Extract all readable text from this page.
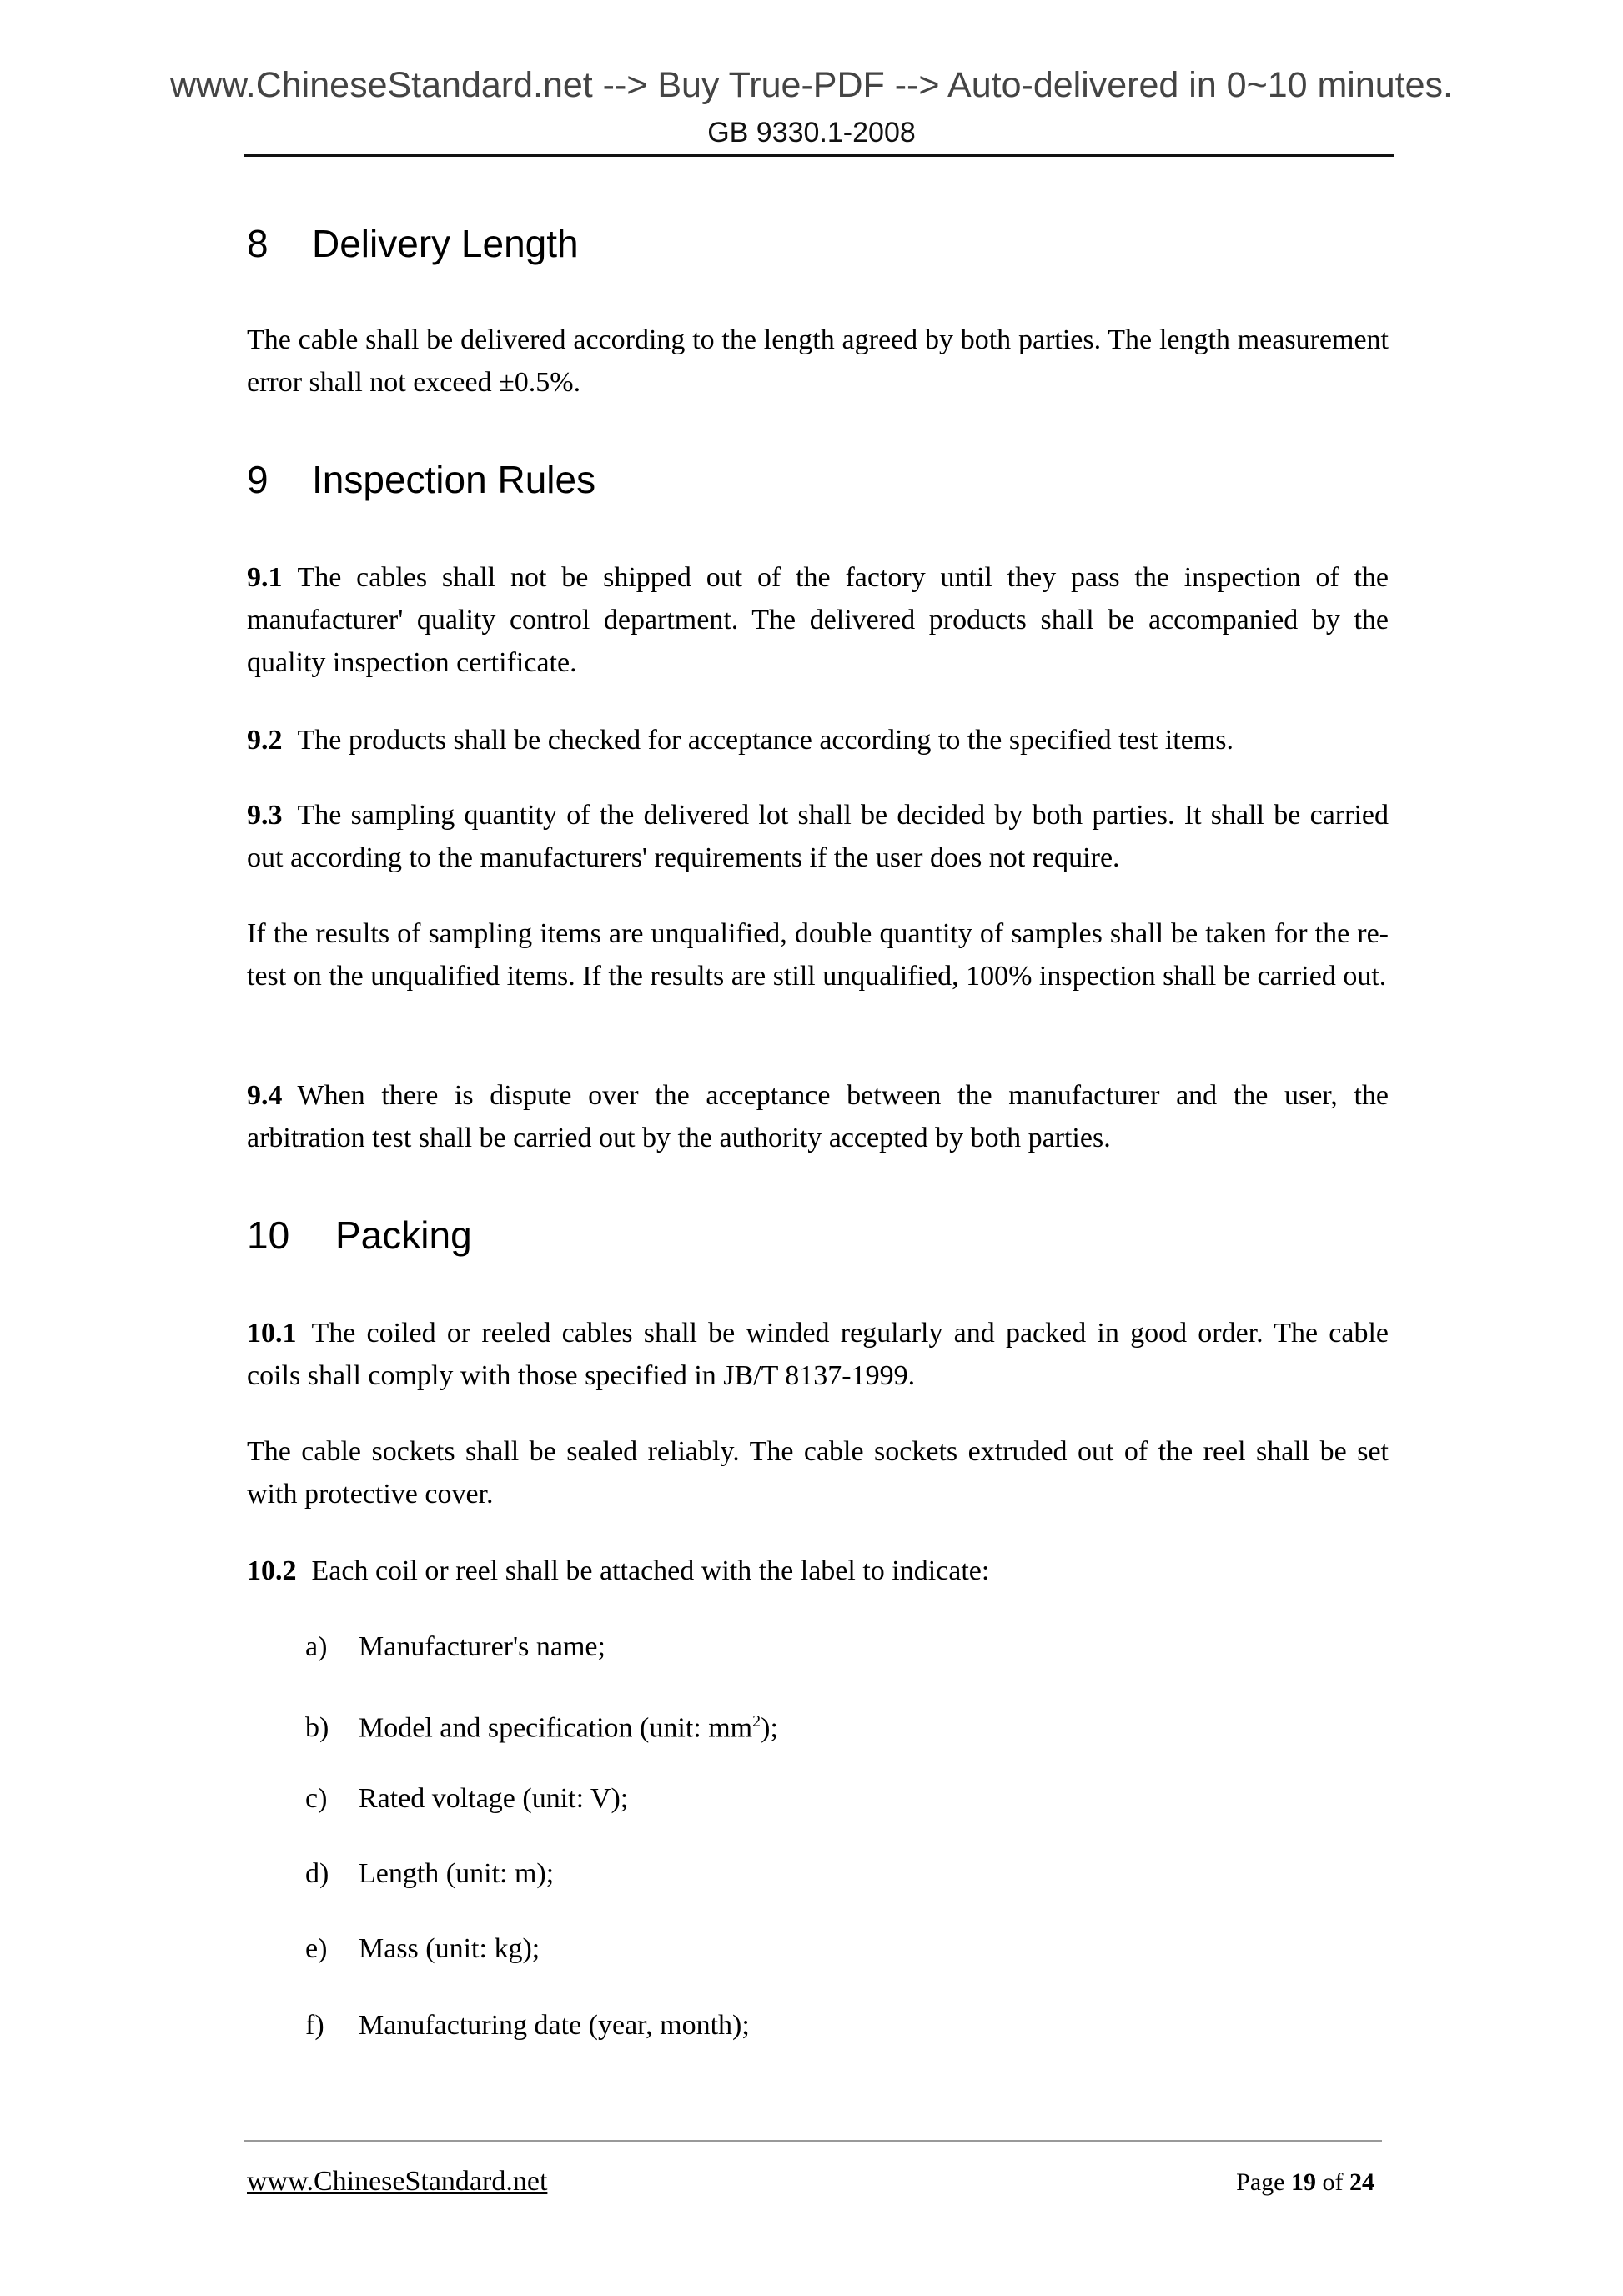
www.ChineseStandard.net --> Buy True-PDF --> Auto-delivered in 0~10 minutes.
GB 9330.1-2008
8 Delivery Length
The cable shall be delivered according to the length agreed by both parties. The length measurement error shall not exceed ±0.5%.
9 Inspection Rules
9.1 The cables shall not be shipped out of the factory until they pass the inspection of the manufacturer' quality control department. The delivered products shall be accompanied by the quality inspection certificate.
9.2 The products shall be checked for acceptance according to the specified test items.
9.3 The sampling quantity of the delivered lot shall be decided by both parties. It shall be carried out according to the manufacturers' requirements if the user does not require.
If the results of sampling items are unqualified, double quantity of samples shall be taken for the re-test on the unqualified items. If the results are still unqualified, 100% inspection shall be carried out.
9.4 When there is dispute over the acceptance between the manufacturer and the user, the arbitration test shall be carried out by the authority accepted by both parties.
10 Packing
10.1 The coiled or reeled cables shall be winded regularly and packed in good order. The cable coils shall comply with those specified in JB/T 8137-1999.
The cable sockets shall be sealed reliably. The cable sockets extruded out of the reel shall be set with protective cover.
10.2 Each coil or reel shall be attached with the label to indicate:
a) Manufacturer's name;
b) Model and specification (unit: $mm^2$);
c) Rated voltage (unit: V);
d) Length (unit: m);
e) Mass (unit: kg);
f) Manufacturing date (year, month);
www.ChineseStandard.net	Page 19 of 24
